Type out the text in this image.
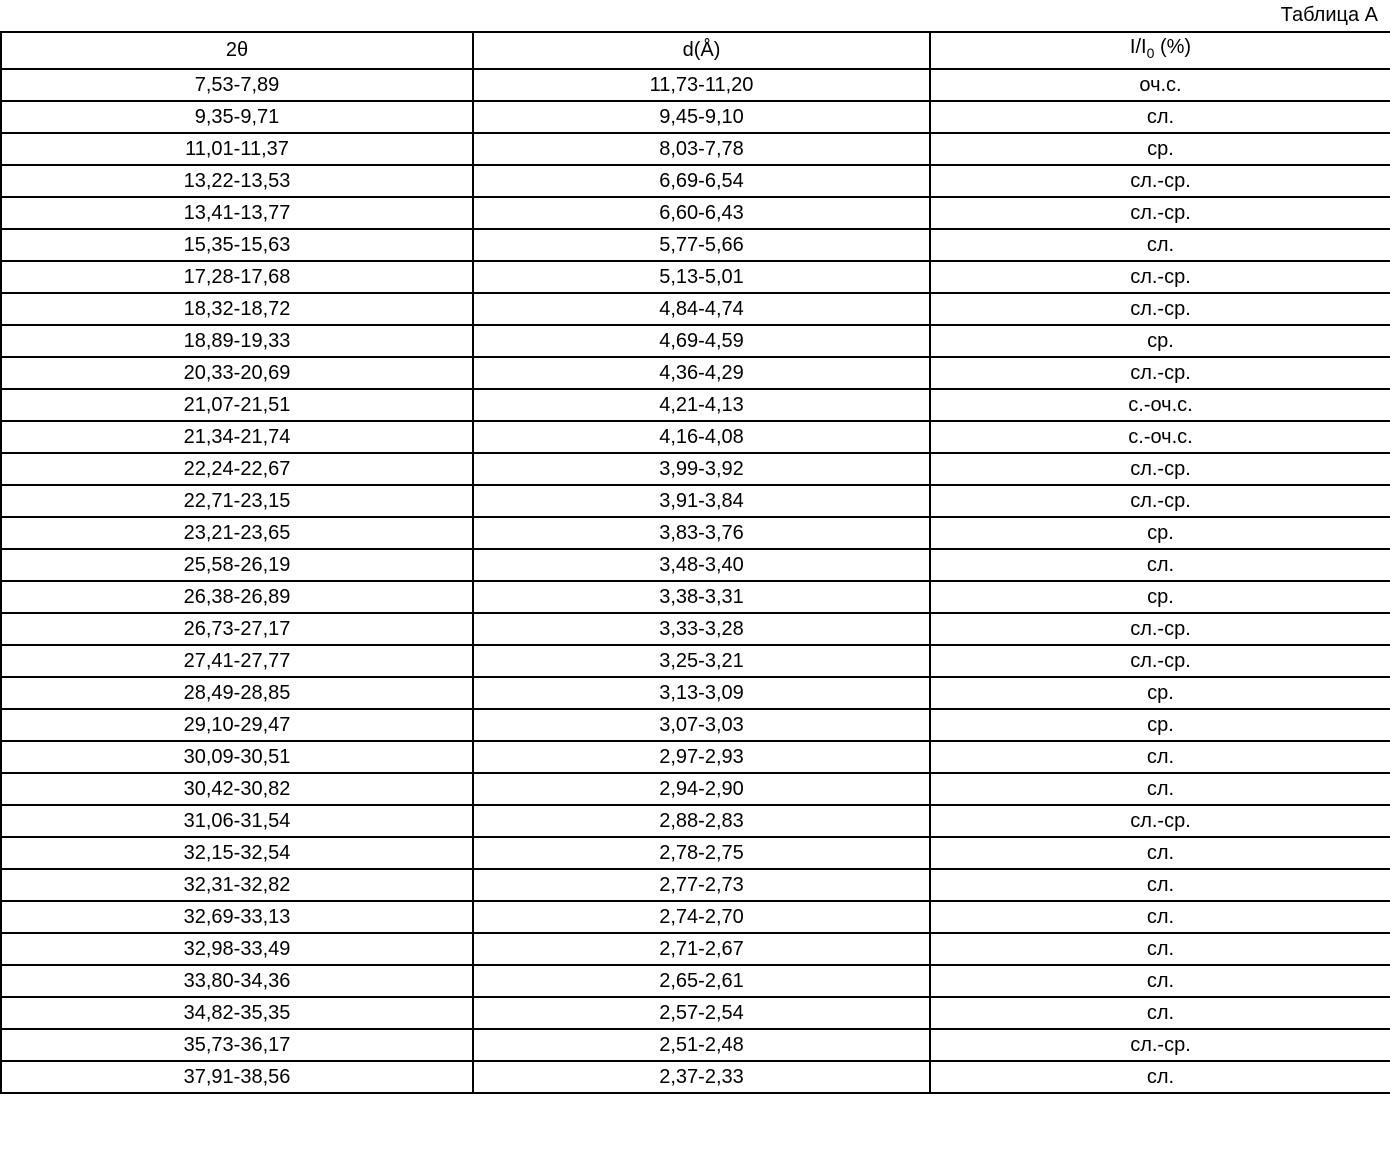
Таблица А
2θ	d(Å)	$I/I_0$ (%)
7,53-7,89	11,73-11,20	оч.с.
9,35-9,71	9,45-9,10	сл.
11,01-11,37	8,03-7,78	ср.
13,22-13,53	6,69-6,54	сл.-ср.
13,41-13,77	6,60-6,43	сл.-ср.
15,35-15,63	5,77-5,66	сл.
17,28-17,68	5,13-5,01	сл.-ср.
18,32-18,72	4,84-4,74	сл.-ср.
18,89-19,33	4,69-4,59	ср.
20,33-20,69	4,36-4,29	сл.-ср.
21,07-21,51	4,21-4,13	с.-оч.с.
21,34-21,74	4,16-4,08	с.-оч.с.
22,24-22,67	3,99-3,92	сл.-ср.
22,71-23,15	3,91-3,84	сл.-ср.
23,21-23,65	3,83-3,76	ср.
25,58-26,19	3,48-3,40	сл.
26,38-26,89	3,38-3,31	ср.
26,73-27,17	3,33-3,28	сл.-ср.
27,41-27,77	3,25-3,21	сл.-ср.
28,49-28,85	3,13-3,09	ср.
29,10-29,47	3,07-3,03	ср.
30,09-30,51	2,97-2,93	сл.
30,42-30,82	2,94-2,90	сл.
31,06-31,54	2,88-2,83	сл.-ср.
32,15-32,54	2,78-2,75	сл.
32,31-32,82	2,77-2,73	сл.
32,69-33,13	2,74-2,70	сл.
32,98-33,49	2,71-2,67	сл.
33,80-34,36	2,65-2,61	сл.
34,82-35,35	2,57-2,54	сл.
35,73-36,17	2,51-2,48	сл.-ср.
37,91-38,56	2,37-2,33	сл.
